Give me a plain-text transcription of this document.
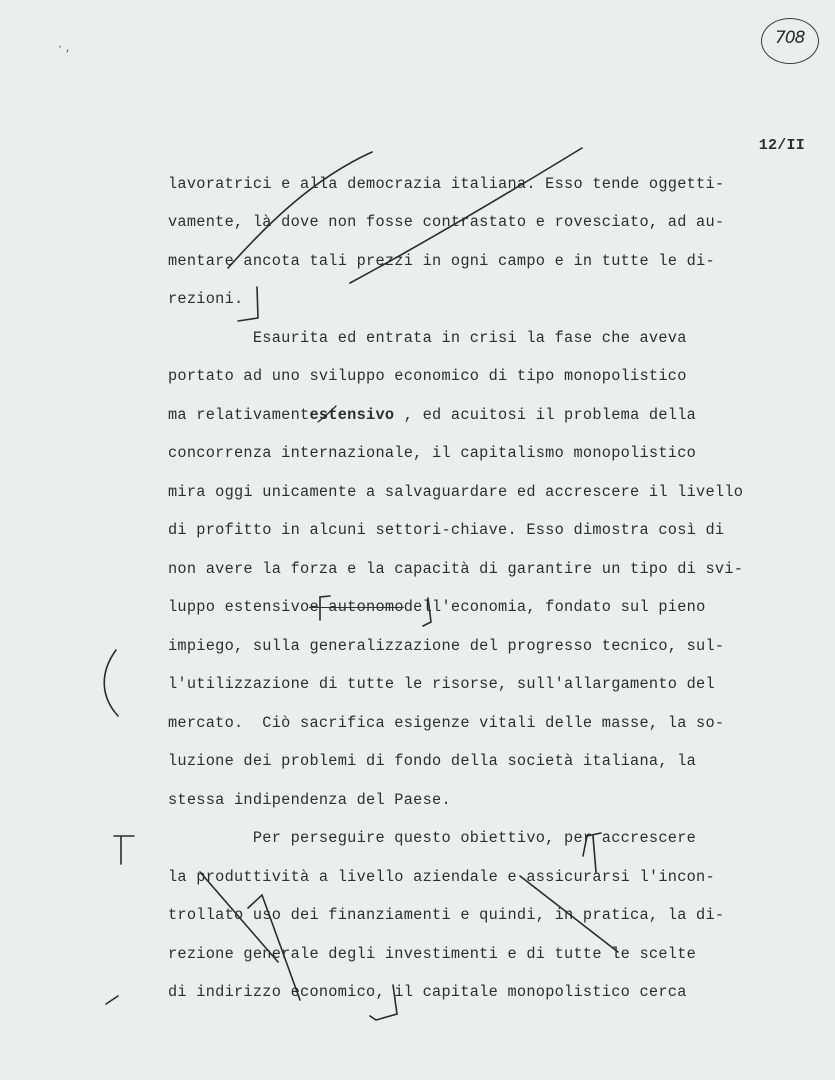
708
· ,
12/II
lavoratrici e alla democrazia italiana. Esso tende oggetti-
vamente, là dove non fosse contrastato e rovesciato, ad au-
mentare ancota tali prezzi in ogni campo e in tutte le di-
rezioni.
Esaurita ed entrata in crisi la fase che aveva
portato ad uno sviluppo economico di tipo monopolistico
ma relativamentestensivo , ed acuitosi il problema della
concorrenza internazionale, il capitalismo monopolistico
mira oggi unicamente a salvaguardare ed accrescere il livello
di profitto in alcuni settori-chiave. Esso dimostra così di
non avere la forza e la capacità di garantire un tipo di svi-
luppo estensivoe autonomodell'economia, fondato sul pieno
impiego, sulla generalizzazione del progresso tecnico, sul-
l'utilizzazione di tutte le risorse, sull'allargamento del
mercato.  Ciò sacrifica esigenze vitali delle masse, la so-
luzione dei problemi di fondo della società italiana, la
stessa indipendenza del Paese.
Per perseguire questo obiettivo, per accrescere
la produttività a livello aziendale e assicurarsi l'incon-
trollato uso dei finanziamenti e quindi, in pratica, la di-
rezione generale degli investimenti e di tutte le scelte
di indirizzo economico, il capitale monopolistico cerca
